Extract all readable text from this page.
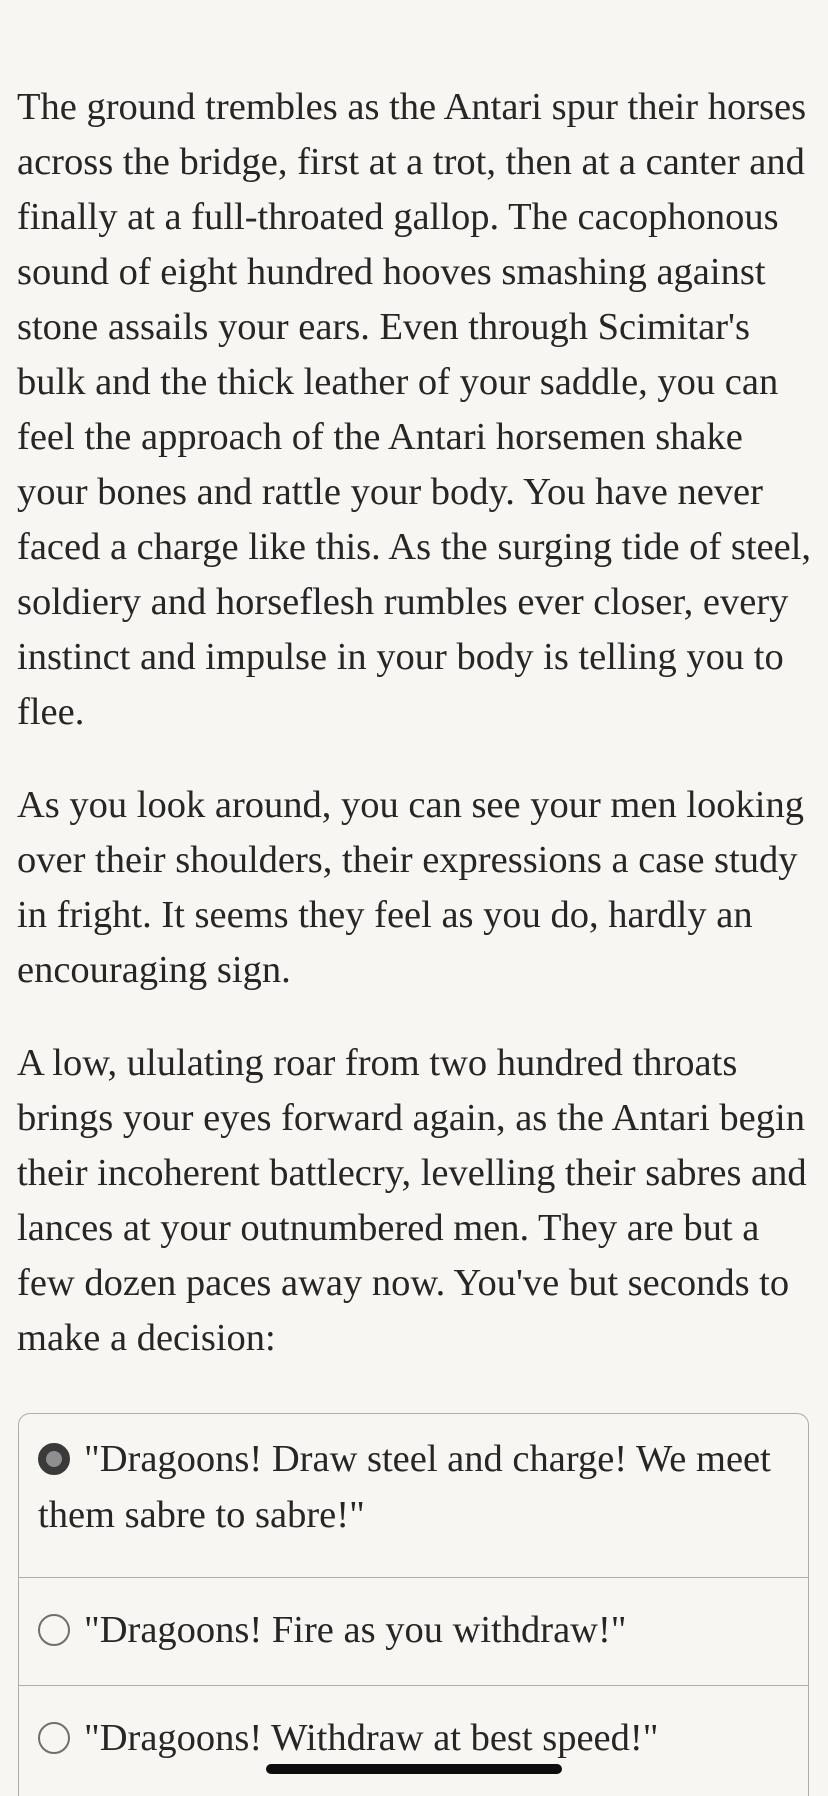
The ground trembles as the Antari spur their horses across the bridge, first at a trot, then at a canter and finally at a full-throated gallop. The cacophonous sound of eight hundred hooves smashing against stone assails your ears. Even through Scimitar's bulk and the thick leather of your saddle, you can feel the approach of the Antari horsemen shake your bones and rattle your body. You have never faced a charge like this. As the surging tide of steel, soldiery and horseflesh rumbles ever closer, every instinct and impulse in your body is telling you to flee.

As you look around, you can see your men looking over their shoulders, their expressions a case study in fright. It seems they feel as you do, hardly an encouraging sign.

A low, ululating roar from two hundred throats brings your eyes forward again, as the Antari begin their incoherent battlecry, levelling their sabres and lances at your outnumbered men. They are but a few dozen paces away now. You've but seconds to make a decision:

"Dragoons! Draw steel and charge! We meet them sabre to sabre!"
"Dragoons! Fire as you withdraw!"
"Dragoons! Withdraw at best speed!"
